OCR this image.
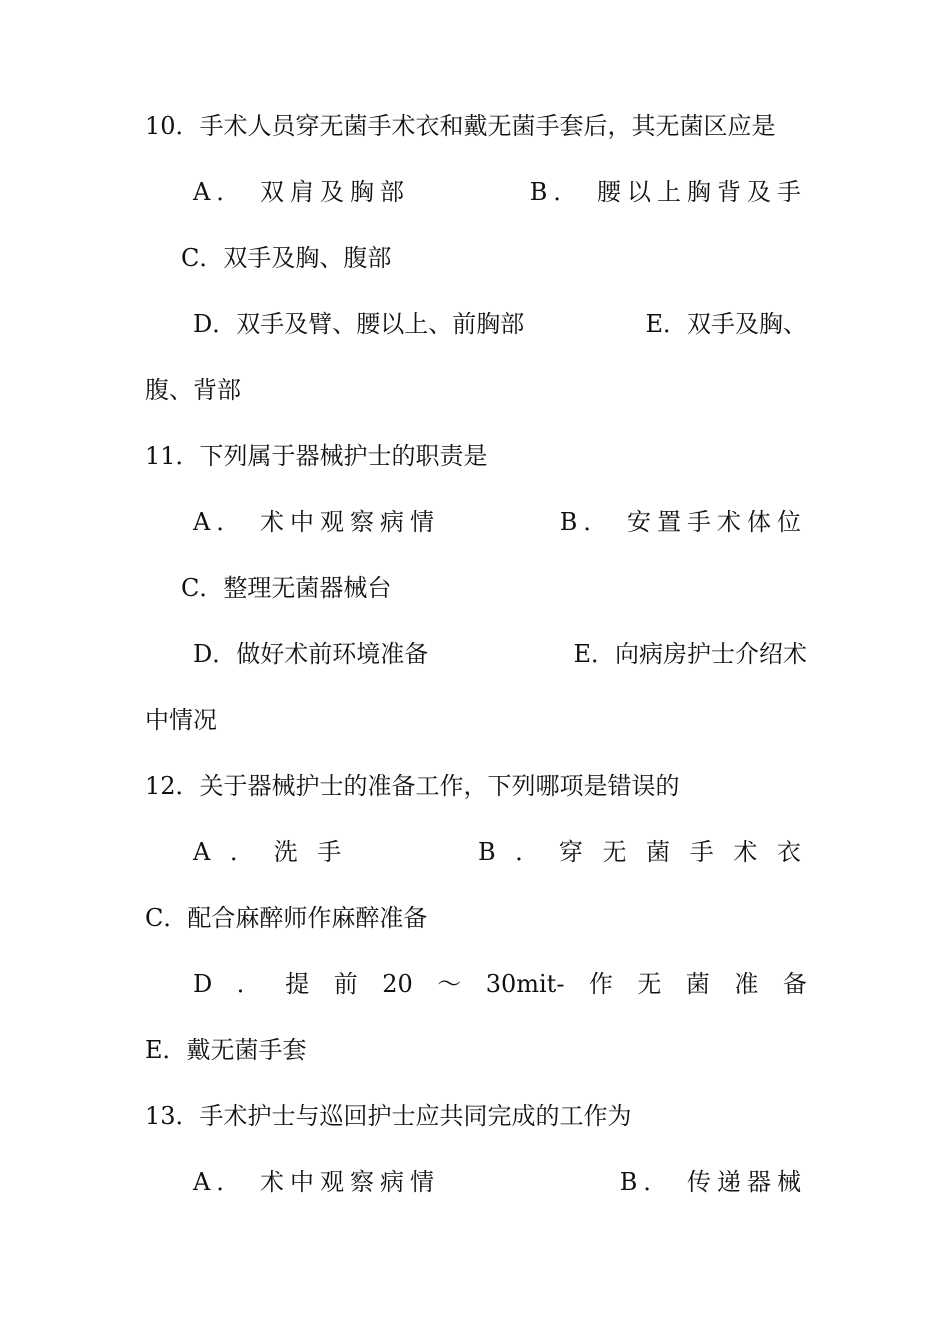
10．手术人员穿无菌手术衣和戴无菌手套后，其无菌区应是
A． 双肩及胸部	B． 腰以上胸背及手
C．双手及胸、腹部
D．双手及臂、腰以上、前胸部	E．双手及胸、
腹、背部
11．下列属于器械护士的职责是
A． 术中观察病情	B． 安置手术体位
C．整理无菌器械台
D．做好术前环境准备	E．向病房护士介绍术
中情况
12．关于器械护士的准备工作，下列哪项是错误的
A ． 洗 手	B ． 穿 无 菌 手 术 衣
C．配合麻醉师作麻醉准备
D ． 提 前 20 ～ 30mit- 作 无 菌 准 备
E．戴无菌手套
13．手术护士与巡回护士应共同完成的工作为
A． 术中观察病情	B． 传递器械
